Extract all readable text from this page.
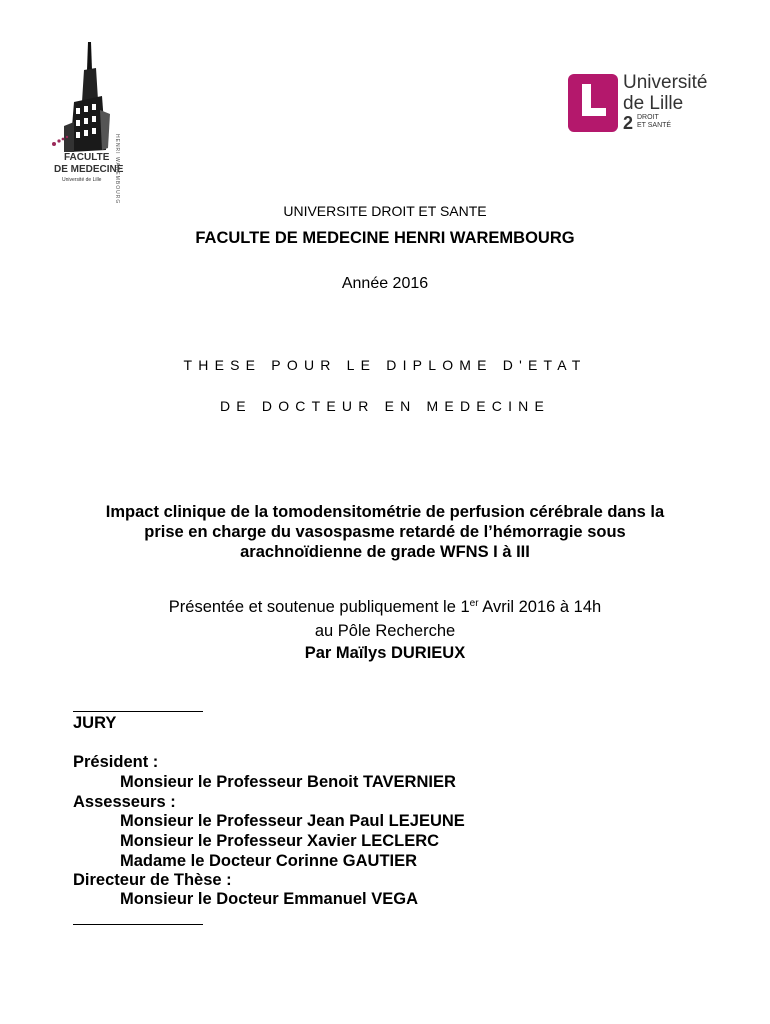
FACULTE
DE MEDECINE
Université de Lille	HENRI WAREMBOURG
Université
de Lille
2 DROIT
ET SANTÉ
UNIVERSITE DROIT ET SANTE
FACULTE DE MEDECINE HENRI WAREMBOURG
Année 2016
THESE POUR LE DIPLOME D'ETAT
DE DOCTEUR EN MEDECINE
Impact clinique de la tomodensitométrie de perfusion cérébrale dans la
prise en charge du vasospasme retardé de l’hémorragie sous
arachnoïdienne de grade WFNS I à III
Présentée et soutenue publiquement le 1er Avril 2016 à 14h
au Pôle Recherche
Par Maïlys DURIEUX
JURY
Président :
Monsieur le Professeur Benoit TAVERNIER
Assesseurs :
Monsieur le Professeur Jean Paul LEJEUNE
Monsieur le Professeur Xavier LECLERC
Madame le Docteur Corinne GAUTIER
Directeur de Thèse :
Monsieur le Docteur Emmanuel VEGA
